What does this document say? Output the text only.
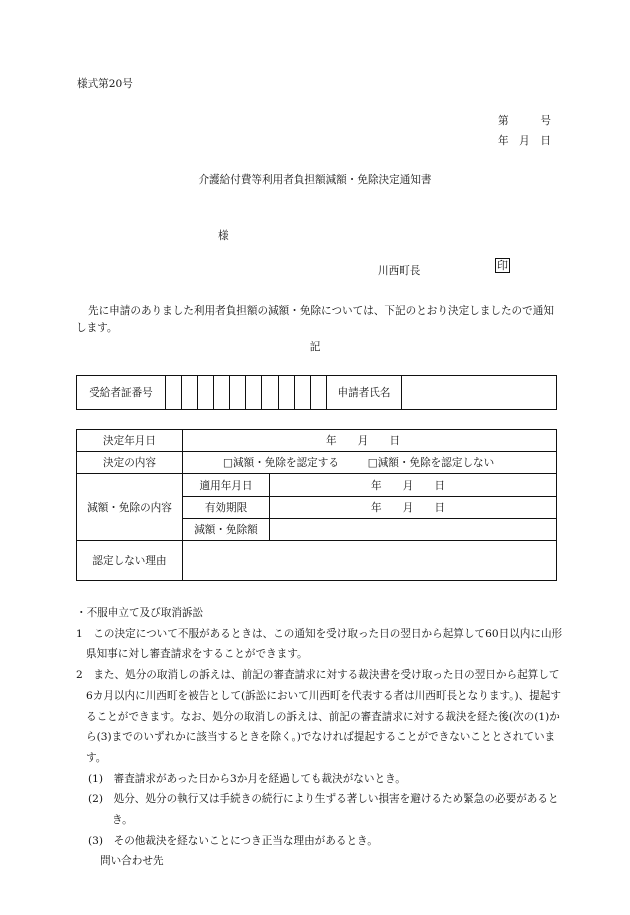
様式第20号
第　　　号
年　月　日
介護給付費等利用者負担額減額・免除決定通知書
様
川西町長	印
先に申請のありました利用者負担額の減額・免除については、下記のとおり決定しましたので通知します。
記
受給者証番号											申請者氏名	
決定年月日	年　　月　　日	
決定の内容	□減額・免除を認定する □減額・免除を認定しない	
減額・免除の内容	適用年月日	年　　月　　日
	有効期限	年　　月　　日
	減額・免除額	
認定しない理由		

・不服申立て及び取消訴訟

1　この決定について不服があるときは、この通知を受け取った日の翌日から起算して60日以内に山形県知事に対し審査請求をすることができます。

2　また、処分の取消しの訴えは、前記の審査請求に対する裁決書を受け取った日の翌日から起算して6カ月以内に川西町を被告として(訴訟において川西町を代表する者は川西町長となります。)、提起することができます。なお、処分の取消しの訴えは、前記の審査請求に対する裁決を経た後(次の(1)から(3)までのいずれかに該当するときを除く。)でなければ提起することができないこととされています。

(1)　審査請求があった日から3か月を経過しても裁決がないとき。

(2)　処分、処分の執行又は手続きの続行により生ずる著しい損害を避けるため緊急の必要があるとき。

(3)　その他裁決を経ないことにつき正当な理由があるとき。

問い合わせ先
